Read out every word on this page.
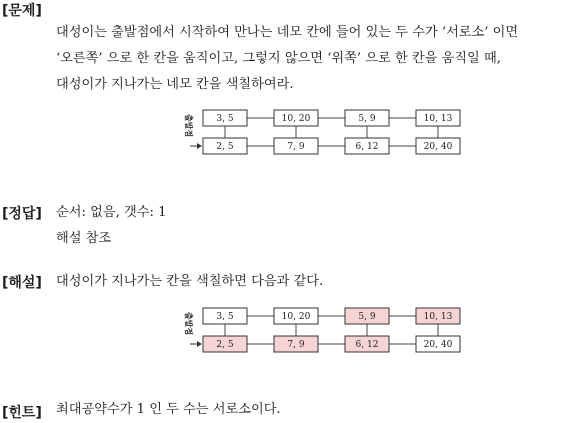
[문제]
대성이는 출발점에서 시작하여 만나는 네모 칸에 들어 있는 두 수가 ‘서로소’ 이면
‘오른쪽’ 으로 한 칸을 움직이고, 그렇지 않으면 ‘위쪽’ 으로 한 칸을 움직일 때,
대성이가 지나가는 네모 칸을 색칠하여라.
[정답] 순서: 없음, 갯수: 1
해설 참조
[해설] 대성이가 지나가는 칸을 색칠하면 다음과 같다.
[힌트] 최대공약수가 1 인 두 수는 서로소이다.
3, 5	10, 20	5, 9	10, 13
2, 5	7, 9	6, 12	20, 40
출발점
3, 5	10, 20	5, 9	10, 13
2, 5	7, 9	6, 12	20, 40
출발점
